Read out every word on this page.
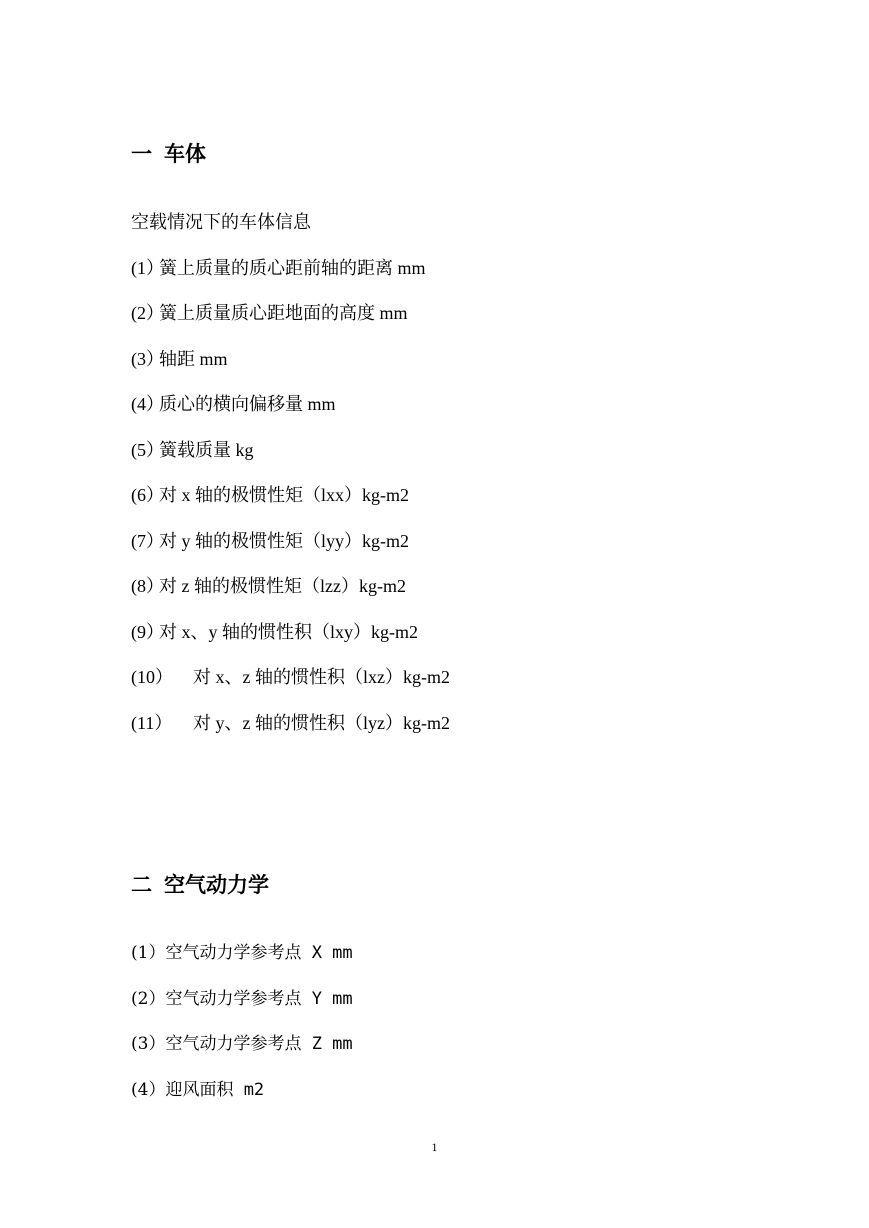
一 车体
空载情况下的车体信息
(1）簧上质量的质心距前轴的距离 mm
(2）簧上质量质心距地面的高度 mm
(3）轴距 mm
(4）质心的横向偏移量 mm
(5）簧载质量 kg
(6）对 x 轴的极惯性矩（lxx）kg-m2
(7）对 y 轴的极惯性矩（lyy）kg-m2
(8）对 z 轴的极惯性矩（lzz）kg-m2
(9）对 x、y 轴的惯性积（lxy）kg-m2
(10） 对 x、z 轴的惯性积（lxz）kg-m2
(11） 对 y、z 轴的惯性积（lyz）kg-m2
二 空气动力学
(1）空气动力学参考点 X mm
(2）空气动力学参考点 Y mm
(3）空气动力学参考点 Z mm
(4）迎风面积 m2
1
